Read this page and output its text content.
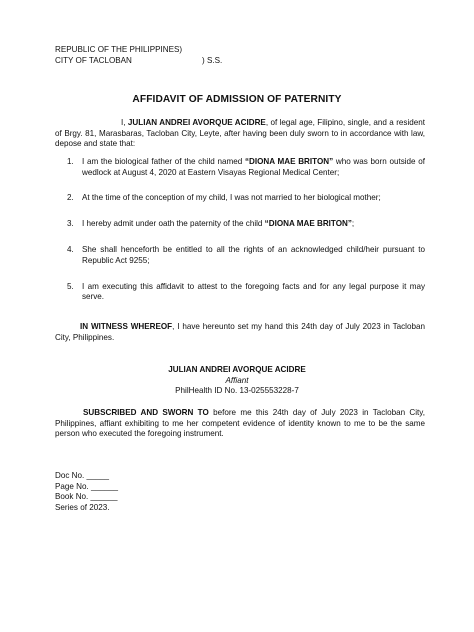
REPUBLIC OF THE PHILIPPINES)
CITY OF TACLOBAN	) S.S.
AFFIDAVIT OF ADMISSION OF PATERNITY
I, JULIAN ANDREI AVORQUE ACIDRE, of legal age, Filipino, single, and a resident of Brgy. 81, Marasbaras, Tacloban City, Leyte, after having been duly sworn to in accordance with law, depose and state that:
1. I am the biological father of the child named “DIONA MAE BRITON” who was born outside of wedlock at August 4, 2020 at Eastern Visayas Regional Medical Center;
2. At the time of the conception of my child, I was not married to her biological mother;
3. I hereby admit under oath the paternity of the child “DIONA MAE BRITON”;
4. She shall henceforth be entitled to all the rights of an acknowledged child/heir pursuant to Republic Act 9255;
5. I am executing this affidavit to attest to the foregoing facts and for any legal purpose it may serve.
IN WITNESS WHEREOF, I have hereunto set my hand this 24th day of July 2023 in Tacloban City, Philippines.
JULIAN ANDREI AVORQUE ACIDRE
Affiant
PhilHealth ID No. 13-025553228-7
SUBSCRIBED AND SWORN TO before me this 24th day of July 2023 in Tacloban City, Philippines, affiant exhibiting to me her competent evidence of identity known to me to be the same person who executed the foregoing instrument.
Doc No. _____
Page No. ______
Book No. ______
Series of 2023.
